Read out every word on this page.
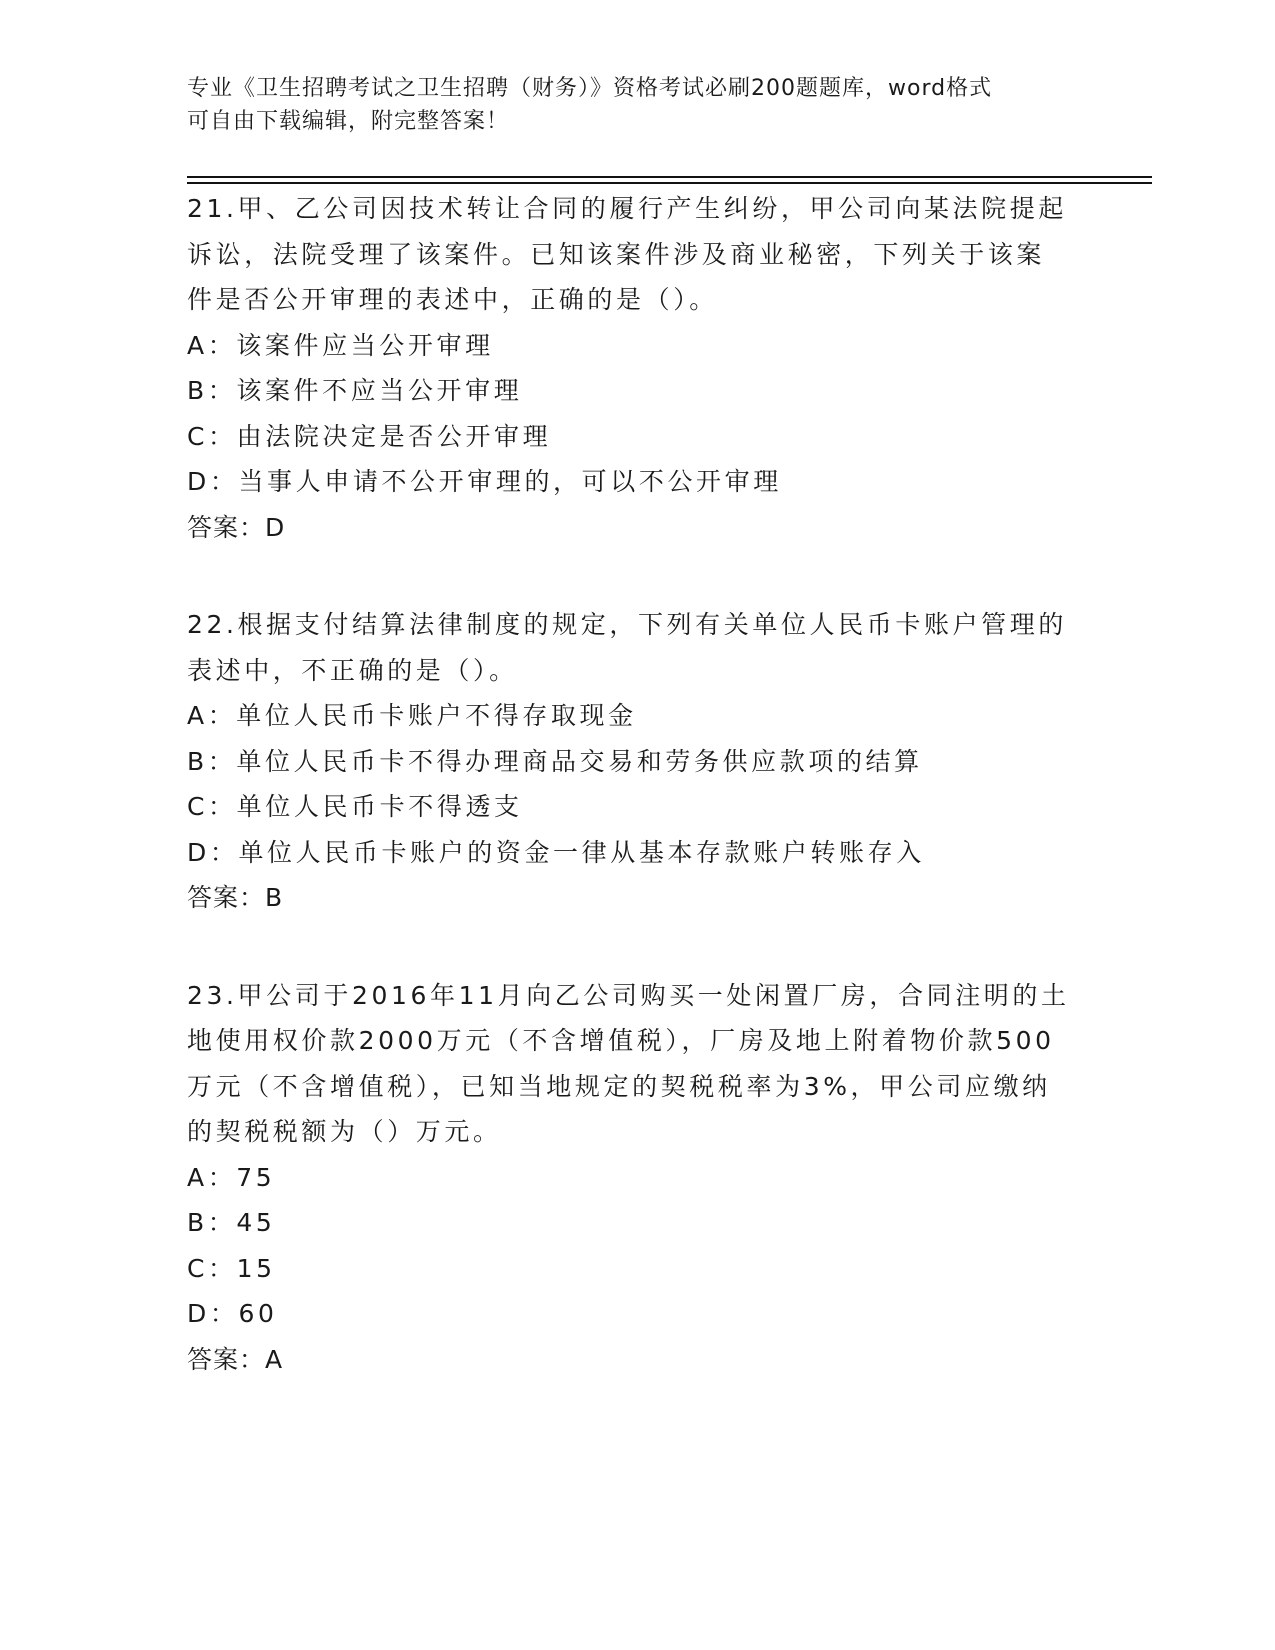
专业《卫生招聘考试之卫生招聘（财务）》资格考试必刷200题题库，word格式
可自由下载编辑，附完整答案！
21.甲、乙公司因技术转让合同的履行产生纠纷，甲公司向某法院提起
诉讼，法院受理了该案件。已知该案件涉及商业秘密，下列关于该案
件是否公开审理的表述中，正确的是（）。
A：该案件应当公开审理
B：该案件不应当公开审理
C：由法院决定是否公开审理
D：当事人申请不公开审理的，可以不公开审理
答案：D
22.根据支付结算法律制度的规定，下列有关单位人民币卡账户管理的
表述中，不正确的是（）。
A：单位人民币卡账户不得存取现金
B：单位人民币卡不得办理商品交易和劳务供应款项的结算
C：单位人民币卡不得透支
D：单位人民币卡账户的资金一律从基本存款账户转账存入
答案：B
23.甲公司于2016年11月向乙公司购买一处闲置厂房，合同注明的土
地使用权价款2000万元（不含增值税），厂房及地上附着物价款500
万元（不含增值税），已知当地规定的契税税率为3%，甲公司应缴纳
的契税税额为（）万元。
A：75
B：45
C：15
D：60
答案：A
